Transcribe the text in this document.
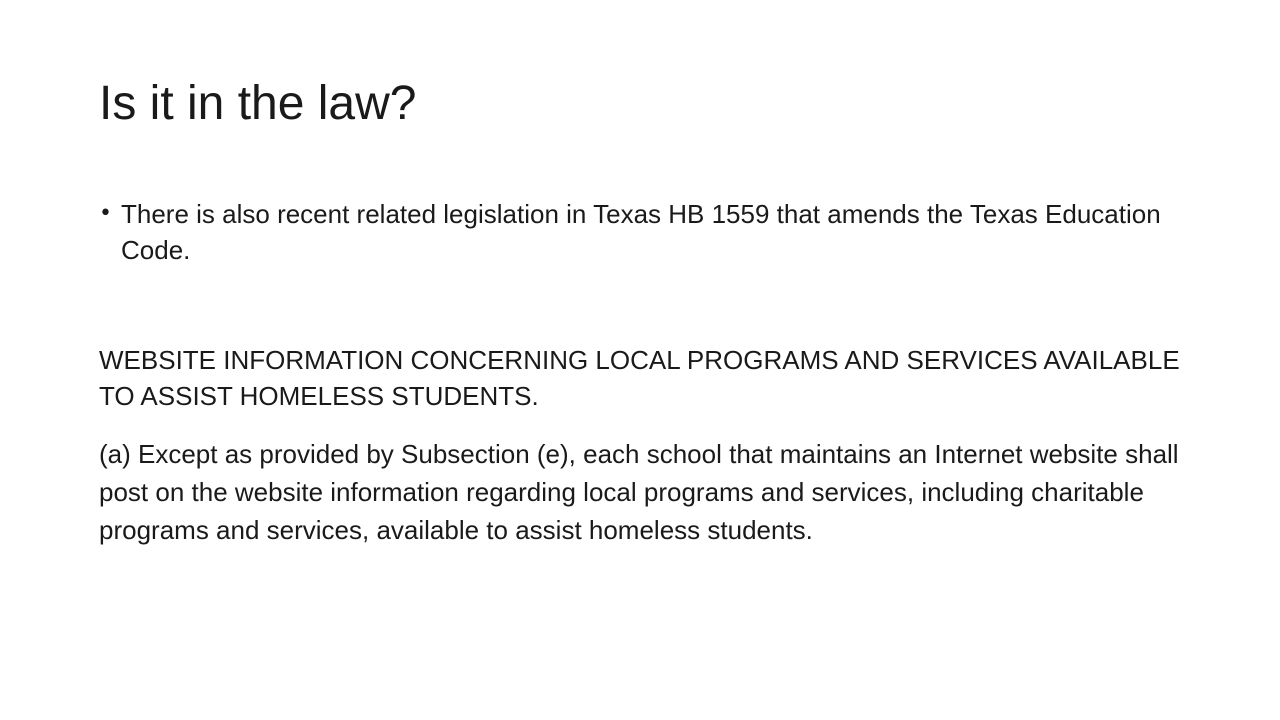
Is it in the law?
• There is also recent related legislation in Texas HB 1559 that amends the Texas Education Code.
WEBSITE INFORMATION CONCERNING LOCAL PROGRAMS AND SERVICES AVAILABLE TO ASSIST HOMELESS STUDENTS.
(a) Except as provided by Subsection (e), each school that maintains an Internet website shall post on the website information regarding local programs and services, including charitable programs and services, available to assist homeless students.
